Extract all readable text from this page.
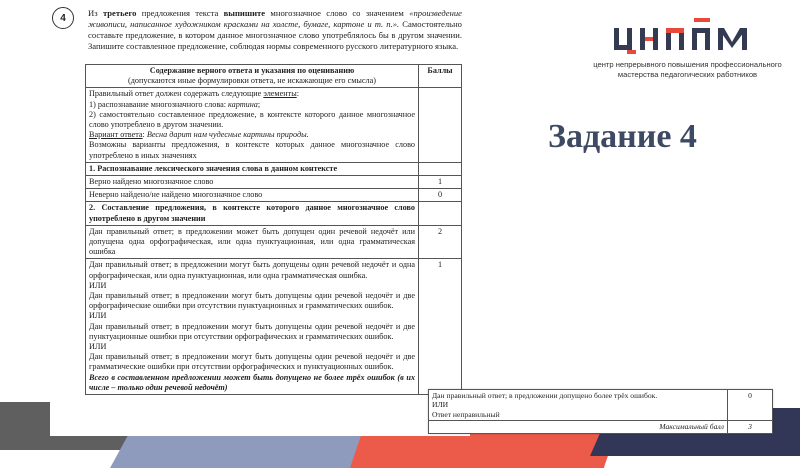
4	Из третьего предложения текста выпишите многозначное слово со значением «произведение живописи, написанное художником красками на холсте, бумаге, картоне и т. п.». Самостоятельно составьте предложение, в котором данное многозначное слово употреблялось бы в другом значении. Запишите составленное предложение, соблюдая нормы современного русского литературного языка.
Содержание верного ответа и указания по оцениванию
(допускаются иные формулировки ответа, не искажающие его смысла)	Баллы

Правильный ответ должен содержать следующие элементы:
1) распознавание многозначного слова: картина;
2) самостоятельно составленное предложение, в контексте которого данное многозначное слово употреблено в другом значении.
Вариант ответа: Весна дарит нам чудесные картины природы.
Возможны варианты предложения, в контексте которых данное многозначное слово употреблено в иных значениях	

1. Распознавание лексического значения слова в данном контексте	
Верно найдено многозначное слово	1
Неверно найдено/не найдено многозначное слово	0
2. Составление предложения, в контексте которого данное многозначное слово употреблено в другом значении	
Дан правильный ответ; в предложении может быть допущен один речевой недочёт или допущена одна орфографическая, или одна пунктуационная, или одна грамматическая ошибка	2

Дан правильный ответ; в предложении могут быть допущены один речевой недочёт и одна орфографическая, или одна пунктуационная, или одна грамматическая ошибка.
ИЛИ
Дан правильный ответ; в предложении могут быть допущены один речевой недочёт и две орфографические ошибки при отсутствии пунктуационных и грамматических ошибок.
ИЛИ
Дан правильный ответ; в предложении могут быть допущены один речевой недочёт и две пунктуационные ошибки при отсутствии орфографических и грамматических ошибок.
ИЛИ
Дан правильный ответ; в предложении могут быть допущены один речевой недочёт и две грамматические ошибки при отсутствии орфографических и пунктуационных ошибок.
Всего в составленном предложении может быть допущено не более трёх ошибок (в их числе – только один речевой недочёт)
	1
центр непрерывного повышения профессионального
мастерства педагогических работников
Задание 4
Дан правильный ответ; в предложении допущено более трёх ошибок.
ИЛИ
Ответ неправильный	0
Максимальный балл	3
